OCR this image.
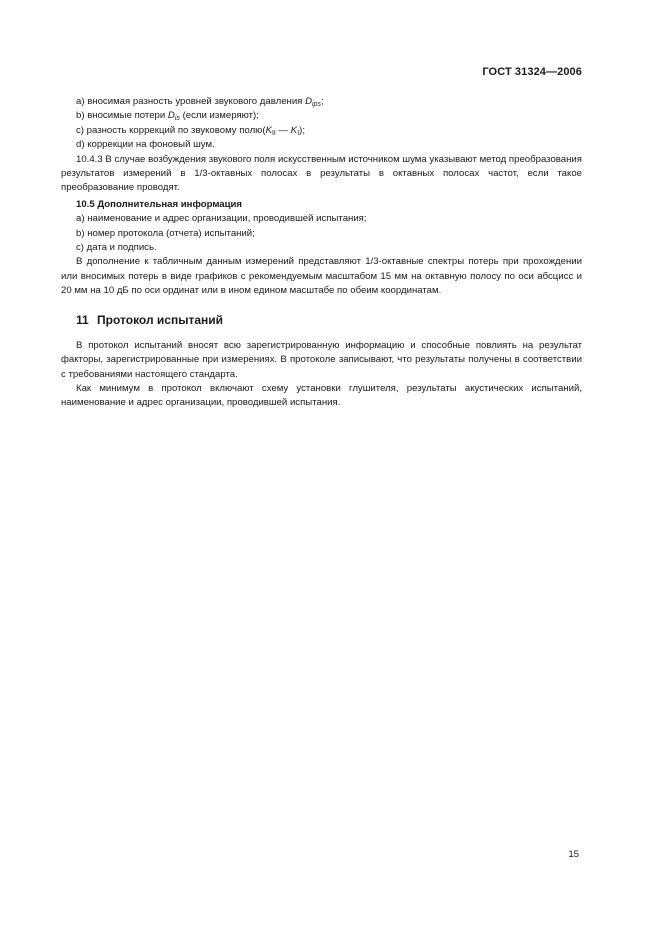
ГОСТ 31324—2006

a) вносимая разность уровней звукового давления $D_{ips}$;

b) вносимые потери $D_{is}$ (если измеряют);

c) разность коррекций по звуковому $полю(K_{II}$ — $K_I$);

d) коррекции на фоновый шум.

10.4.3 В случае возбуждения звукового поля искусственным источником шума указывают метод преобразования результатов измерений в 1/3-октавных полосах в результаты в октавных полосах частот, если такое преобразование проводят.

10.5 Дополнительная информация

a) наименование и адрес организации, проводившей испытания;

b) номер протокола (отчета) испытаний;

c) дата и подпись.

В дополнение к табличным данным измерений представляют 1/3-октавные спектры потерь при прохождении или вносимых потерь в виде графиков с рекомендуемым масштабом 15 мм на октавную полосу по оси абсцисс и 20 мм на 10 дБ по оси ординат или в ином едином масштабе по обеим координатам.

11 Протокол испытаний

В протокол испытаний вносят всю зарегистрированную информацию и способные повлиять на результат факторы, зарегистрированные при измерениях. В протоколе записывают, что результаты получены в соответствии с требованиями настоящего стандарта.

Как минимум в протокол включают схему установки глушителя, результаты акустических испытаний, наименование и адрес организации, проводившей испытания.

15
